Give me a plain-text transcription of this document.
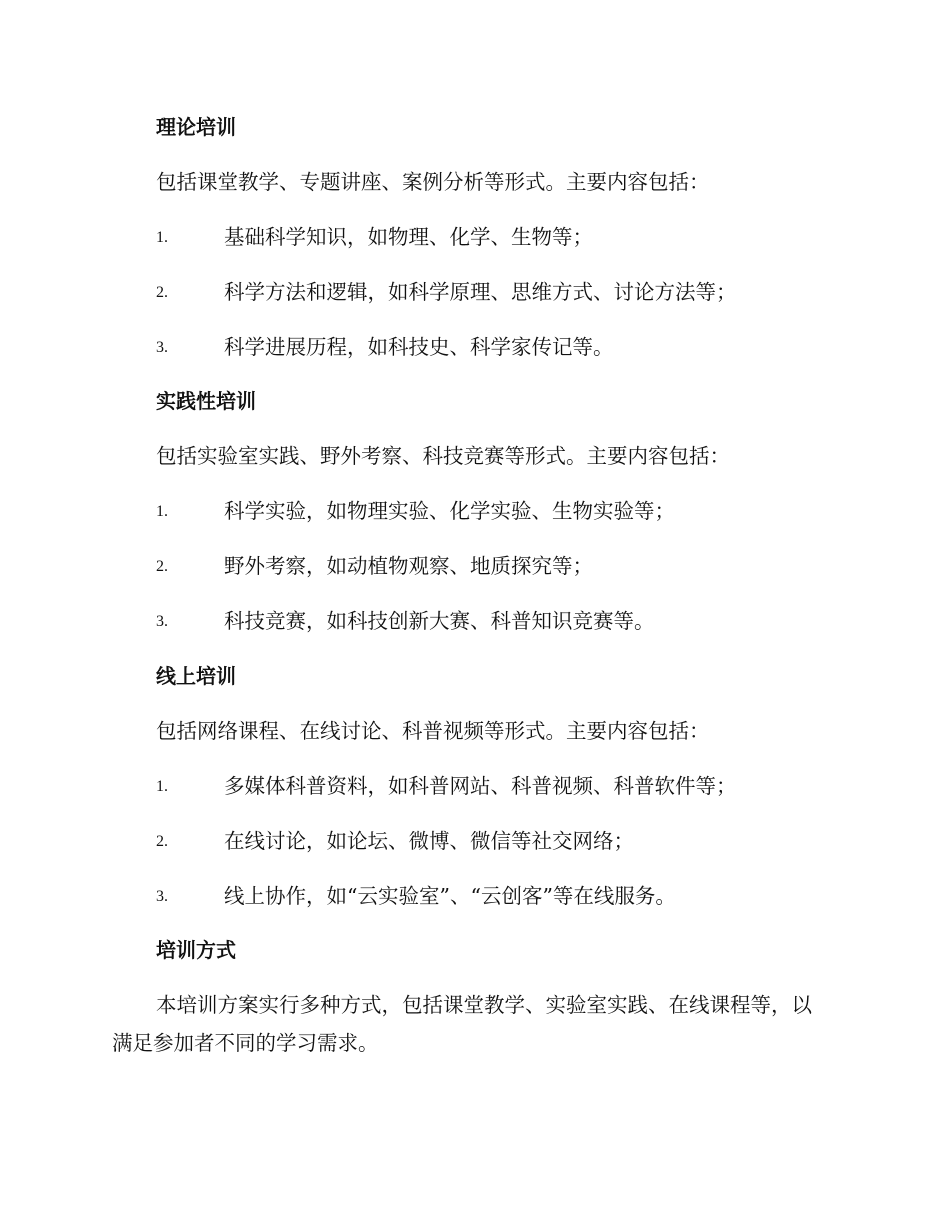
理论培训
包括课堂教学、专题讲座、案例分析等形式。主要内容包括：
1.	基础科学知识，如物理、化学、生物等；
2.	科学方法和逻辑，如科学原理、思维方式、讨论方法等；
3.	科学进展历程，如科技史、科学家传记等。
实践性培训
包括实验室实践、野外考察、科技竞赛等形式。主要内容包括：
1.	科学实验，如物理实验、化学实验、生物实验等；
2.	野外考察，如动植物观察、地质探究等；
3.	科技竞赛，如科技创新大赛、科普知识竞赛等。
线上培训
包括网络课程、在线讨论、科普视频等形式。主要内容包括：
1.	多媒体科普资料，如科普网站、科普视频、科普软件等；
2.	在线讨论，如论坛、微博、微信等社交网络；
3.	线上协作，如“云实验室”、“云创客”等在线服务。
培训方式
本培训方案实行多种方式，包括课堂教学、实验室实践、在线课程等，以满足参加者不同的学习需求。
